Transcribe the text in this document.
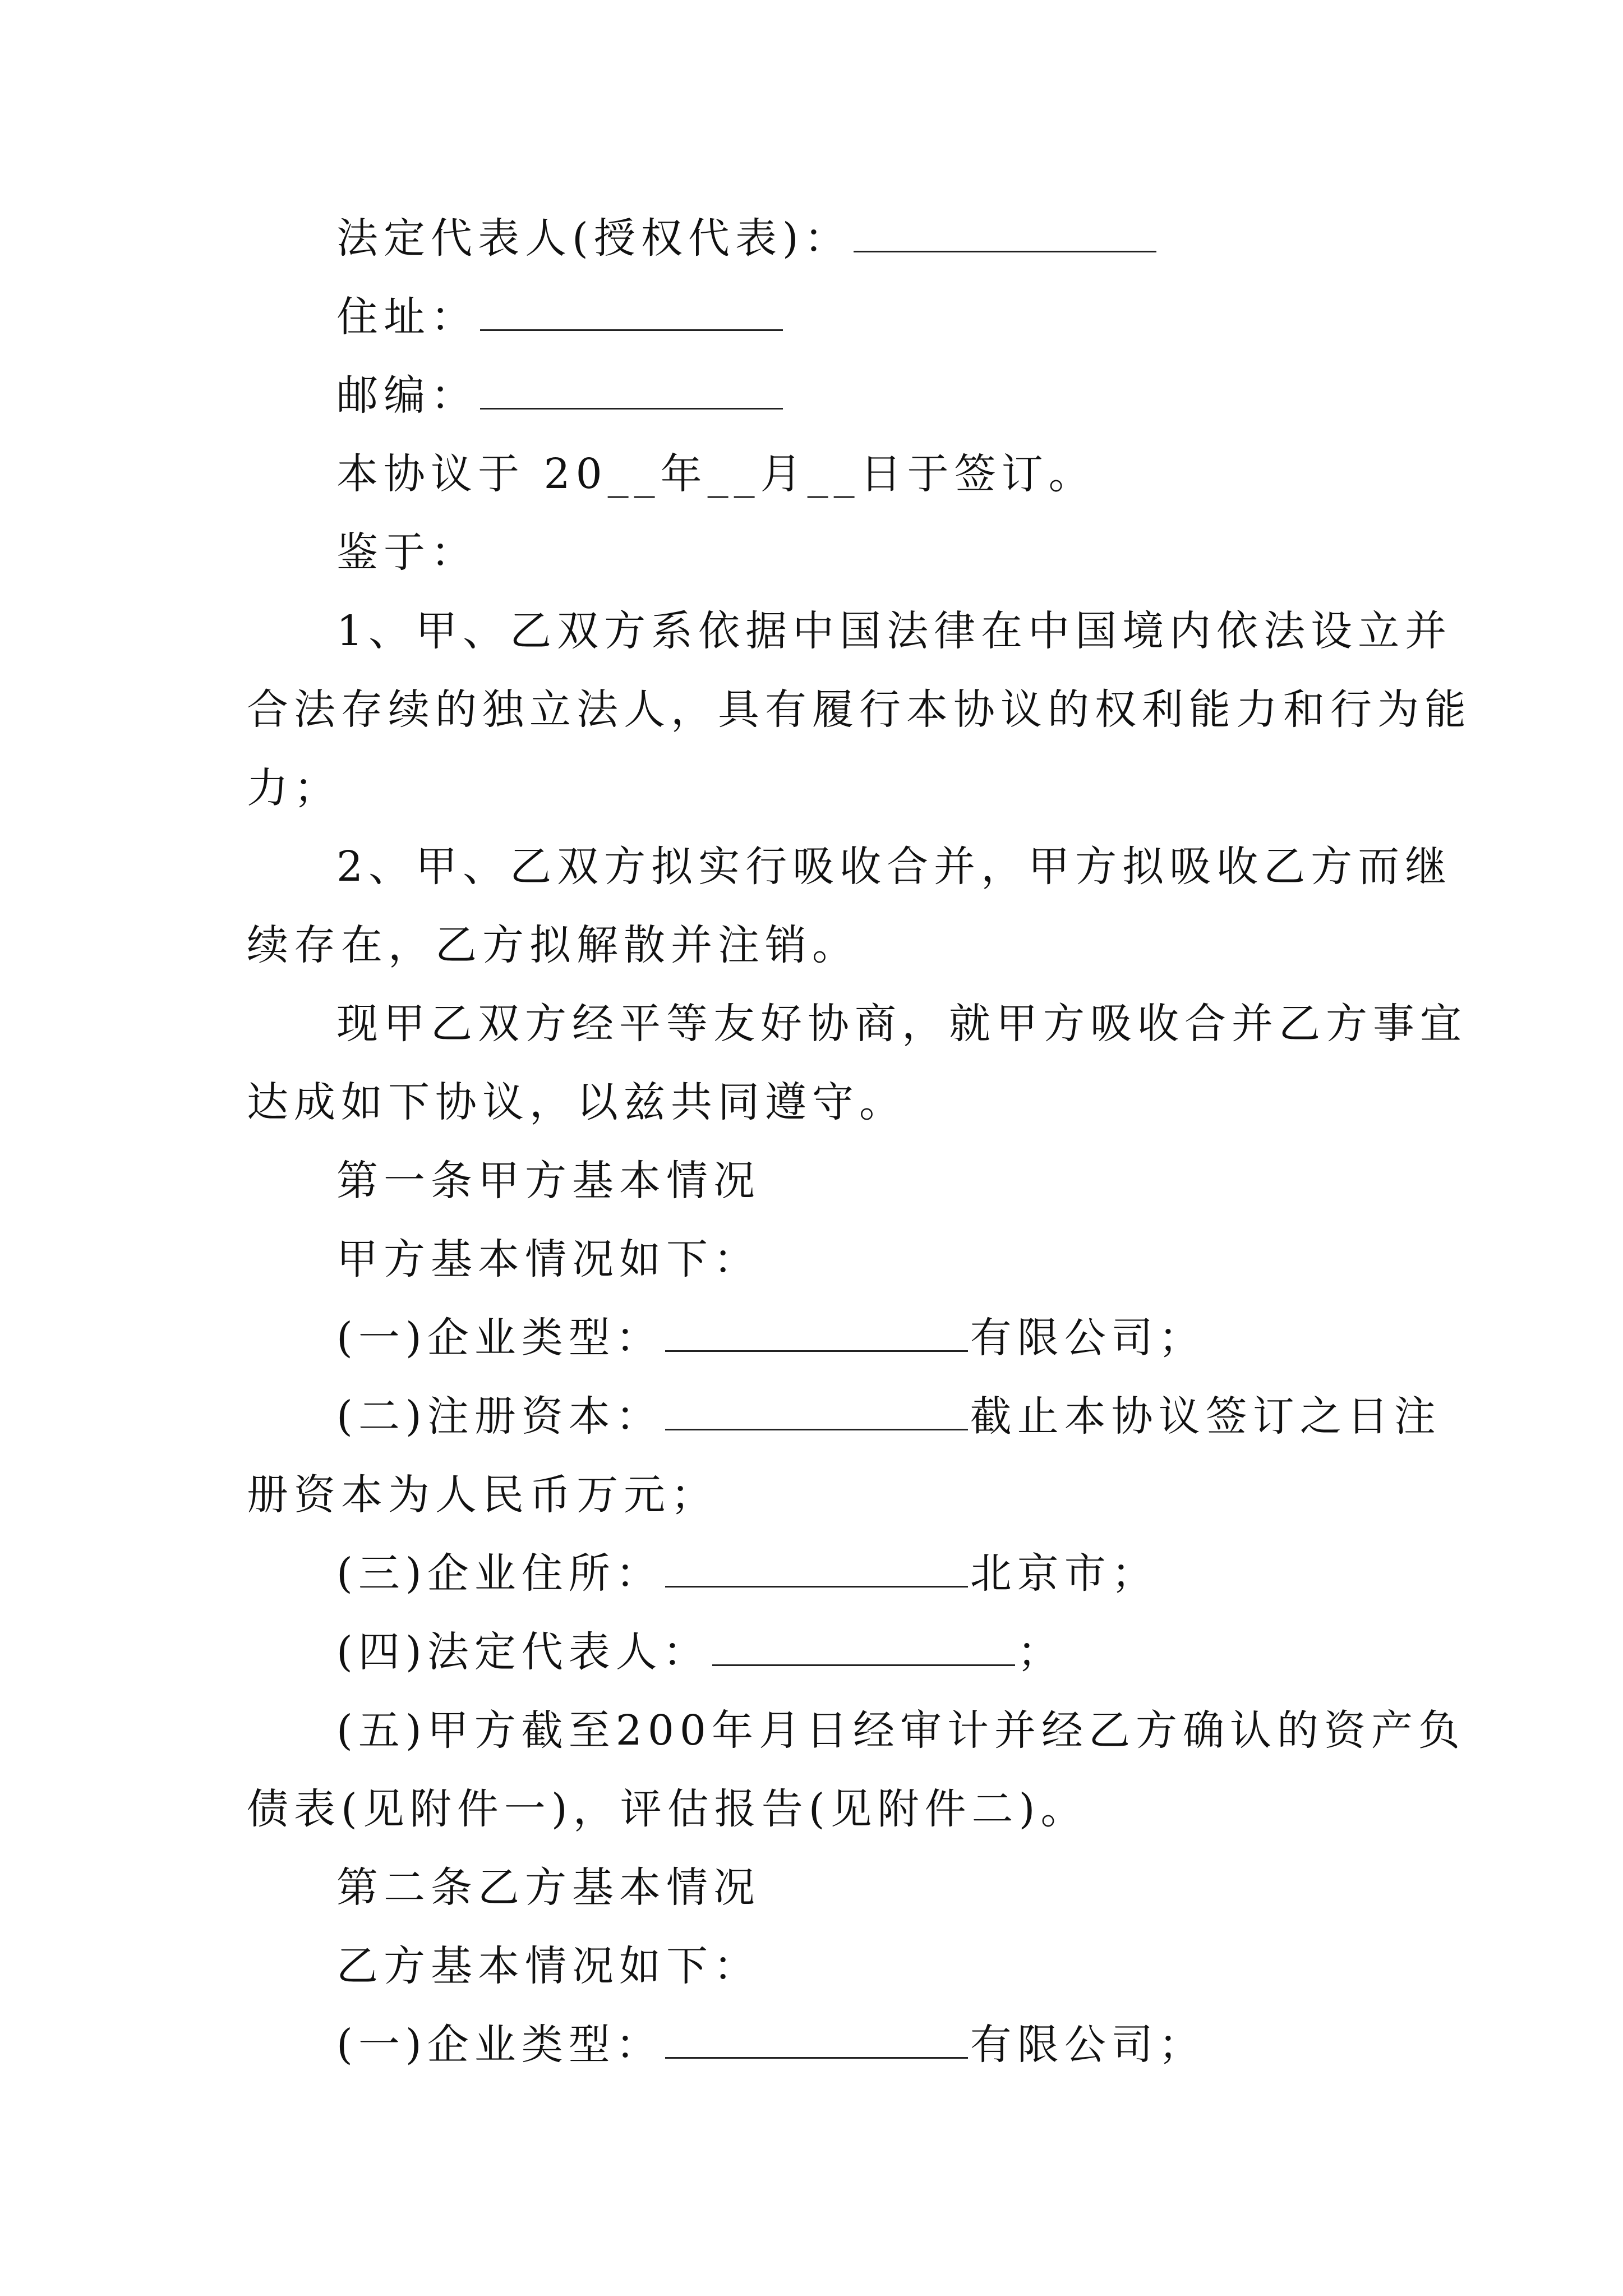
法定代表人(授权代表)：
住址：
邮编：
本协议于 20__年__月__日于签订。
鉴于：
1、甲、乙双方系依据中国法律在中国境内依法设立并
合法存续的独立法人，具有履行本协议的权利能力和行为能
力；
2、甲、乙双方拟实行吸收合并，甲方拟吸收乙方而继
续存在，乙方拟解散并注销。
现甲乙双方经平等友好协商，就甲方吸收合并乙方事宜
达成如下协议，以兹共同遵守。
第一条甲方基本情况
甲方基本情况如下：
(一)企业类型：	有限公司；
(二)注册资本：	截止本协议签订之日注
册资本为人民币万元；
(三)企业住所：	北京市；
(四)法定代表人：	；
(五)甲方截至200年月日经审计并经乙方确认的资产负
债表(见附件一)，评估报告(见附件二)。
第二条乙方基本情况
乙方基本情况如下：
(一)企业类型：	有限公司；
